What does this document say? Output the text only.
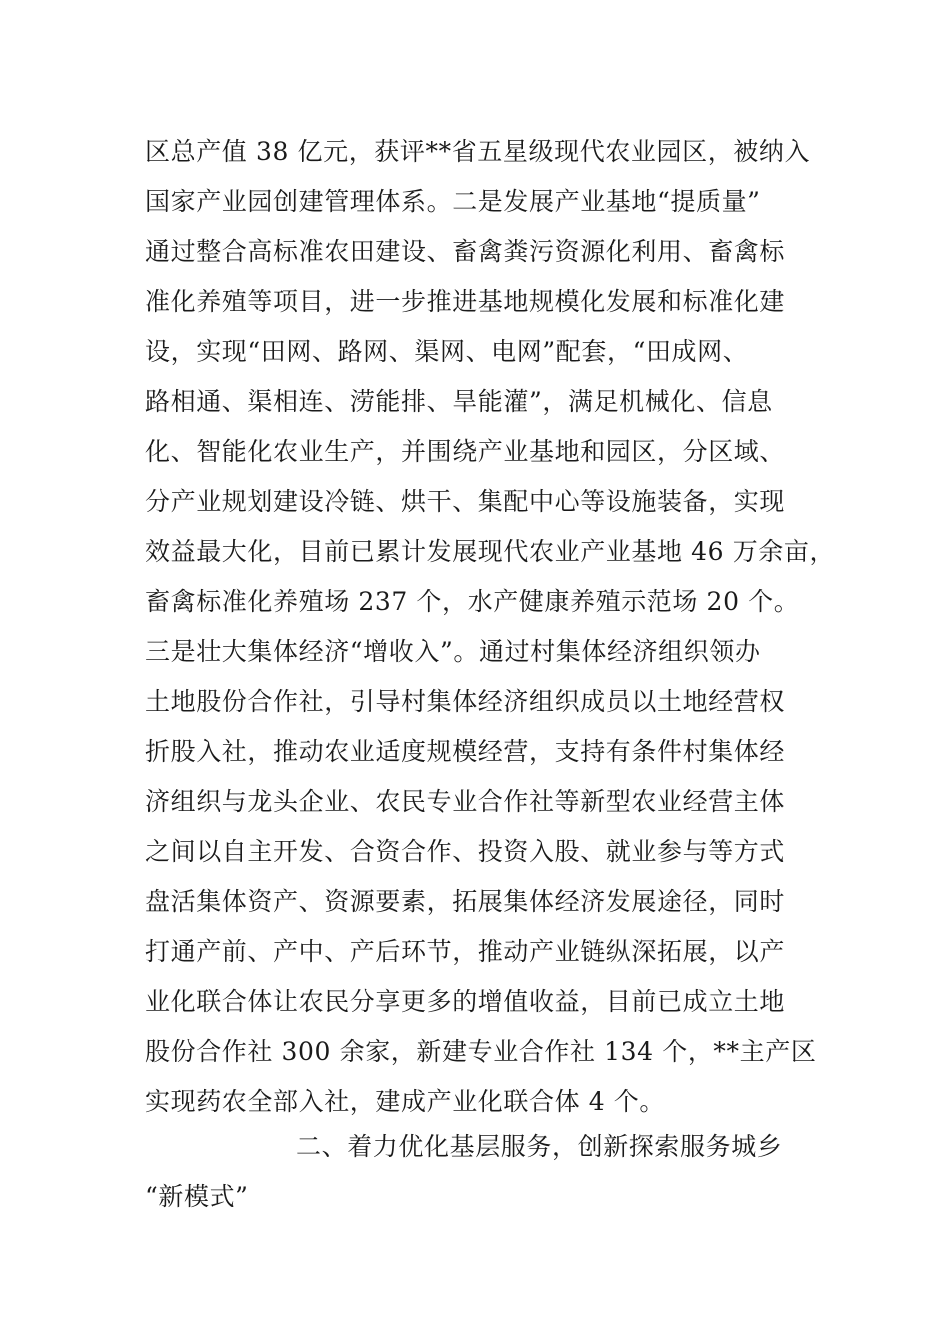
区总产值 38 亿元，获评**省五星级现代农业园区，被纳入
国家产业园创建管理体系。二是发展产业基地“提质量”
通过整合高标准农田建设、畜禽粪污资源化利用、畜禽标
准化养殖等项目，进一步推进基地规模化发展和标准化建
设，实现“田网、路网、渠网、电网”配套，“田成网、
路相通、渠相连、涝能排、旱能灌”，满足机械化、信息
化、智能化农业生产，并围绕产业基地和园区，分区域、
分产业规划建设冷链、烘干、集配中心等设施装备，实现
效益最大化，目前已累计发展现代农业产业基地 46 万余亩，
畜禽标准化养殖场 237 个，水产健康养殖示范场 20 个。
三是壮大集体经济“增收入”。通过村集体经济组织领办
土地股份合作社，引导村集体经济组织成员以土地经营权
折股入社，推动农业适度规模经营，支持有条件村集体经
济组织与龙头企业、农民专业合作社等新型农业经营主体
之间以自主开发、合资合作、投资入股、就业参与等方式
盘活集体资产、资源要素，拓展集体经济发展途径，同时
打通产前、产中、产后环节，推动产业链纵深拓展，以产
业化联合体让农民分享更多的增值收益，目前已成立土地
股份合作社 300 余家，新建专业合作社 134 个，**主产区
实现药农全部入社，建成产业化联合体 4 个。
二、着力优化基层服务，创新探索服务城乡
“新模式”
